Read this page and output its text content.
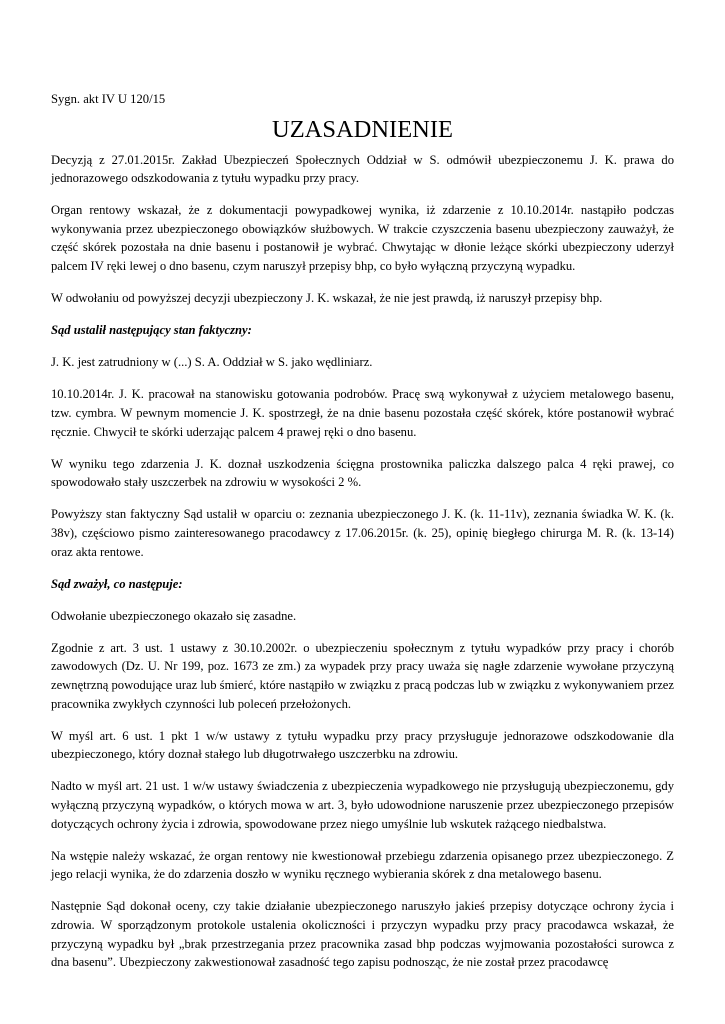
Sygn. akt IV U 120/15
UZASADNIENIE

Decyzją z 27.01.2015r. Zakład Ubezpieczeń Społecznych Oddział w S. odmówił ubezpieczonemu J. K. prawa do jednorazowego odszkodowania z tytułu wypadku przy pracy.

Organ rentowy wskazał, że z dokumentacji powypadkowej wynika, iż zdarzenie z 10.10.2014r. nastąpiło podczas wykonywania przez ubezpieczonego obowiązków służbowych. W trakcie czyszczenia basenu ubezpieczony zauważył, że część skórek pozostała na dnie basenu i postanowił je wybrać. Chwytając w dłonie leżące skórki ubezpieczony uderzył palcem IV ręki lewej o dno basenu, czym naruszył przepisy bhp, co było wyłączną przyczyną wypadku.

W odwołaniu od powyższej decyzji ubezpieczony J. K. wskazał, że nie jest prawdą, iż naruszył przepisy bhp.

Sąd ustalił następujący stan faktyczny:

J. K. jest zatrudniony w (...) S. A. Oddział w S. jako wędliniarz.

10.10.2014r. J. K. pracował na stanowisku gotowania podrobów. Pracę swą wykonywał z użyciem metalowego basenu, tzw. cymbra. W pewnym momencie J. K. spostrzegł, że na dnie basenu pozostała część skórek, które postanowił wybrać ręcznie. Chwycił te skórki uderzając palcem 4 prawej ręki o dno basenu.

W wyniku tego zdarzenia J. K. doznał uszkodzenia ścięgna prostownika paliczka dalszego palca 4 ręki prawej, co spowodowało stały uszczerbek na zdrowiu w wysokości 2 %.

Powyższy stan faktyczny Sąd ustalił w oparciu o: zeznania ubezpieczonego J. K. (k. 11-11v), zeznania świadka W. K. (k. 38v), częściowo pismo zainteresowanego pracodawcy z 17.06.2015r. (k. 25), opinię biegłego chirurga M. R. (k. 13-14) oraz akta rentowe.

Sąd zważył, co następuje:

Odwołanie ubezpieczonego okazało się zasadne.

Zgodnie z art. 3 ust. 1 ustawy z 30.10.2002r. o ubezpieczeniu społecznym z tytułu wypadków przy pracy i chorób zawodowych (Dz. U. Nr 199, poz. 1673 ze zm.) za wypadek przy pracy uważa się nagłe zdarzenie wywołane przyczyną zewnętrzną powodujące uraz lub śmierć, które nastąpiło w związku z pracą podczas lub w związku z wykonywaniem przez pracownika zwykłych czynności lub poleceń przełożonych.

W myśl art. 6 ust. 1 pkt 1 w/w ustawy z tytułu wypadku przy pracy przysługuje jednorazowe odszkodowanie dla ubezpieczonego, który doznał stałego lub długotrwałego uszczerbku na zdrowiu.

Nadto w myśl art. 21 ust. 1 w/w ustawy świadczenia z ubezpieczenia wypadkowego nie przysługują ubezpieczonemu, gdy wyłączną przyczyną wypadków, o których mowa w art. 3, było udowodnione naruszenie przez ubezpieczonego przepisów dotyczących ochrony życia i zdrowia, spowodowane przez niego umyślnie lub wskutek rażącego niedbalstwa.

Na wstępie należy wskazać, że organ rentowy nie kwestionował przebiegu zdarzenia opisanego przez ubezpieczonego. Z jego relacji wynika, że do zdarzenia doszło w wyniku ręcznego wybierania skórek z dna metalowego basenu.

Następnie Sąd dokonał oceny, czy takie działanie ubezpieczonego naruszyło jakieś przepisy dotyczące ochrony życia i zdrowia. W sporządzonym protokole ustalenia okoliczności i przyczyn wypadku przy pracy pracodawca wskazał, że przyczyną wypadku był „brak przestrzegania przez pracownika zasad bhp podczas wyjmowania pozostałości surowca z dna basenu”. Ubezpieczony zakwestionował zasadność tego zapisu podnosząc, że nie został przez pracodawcę
